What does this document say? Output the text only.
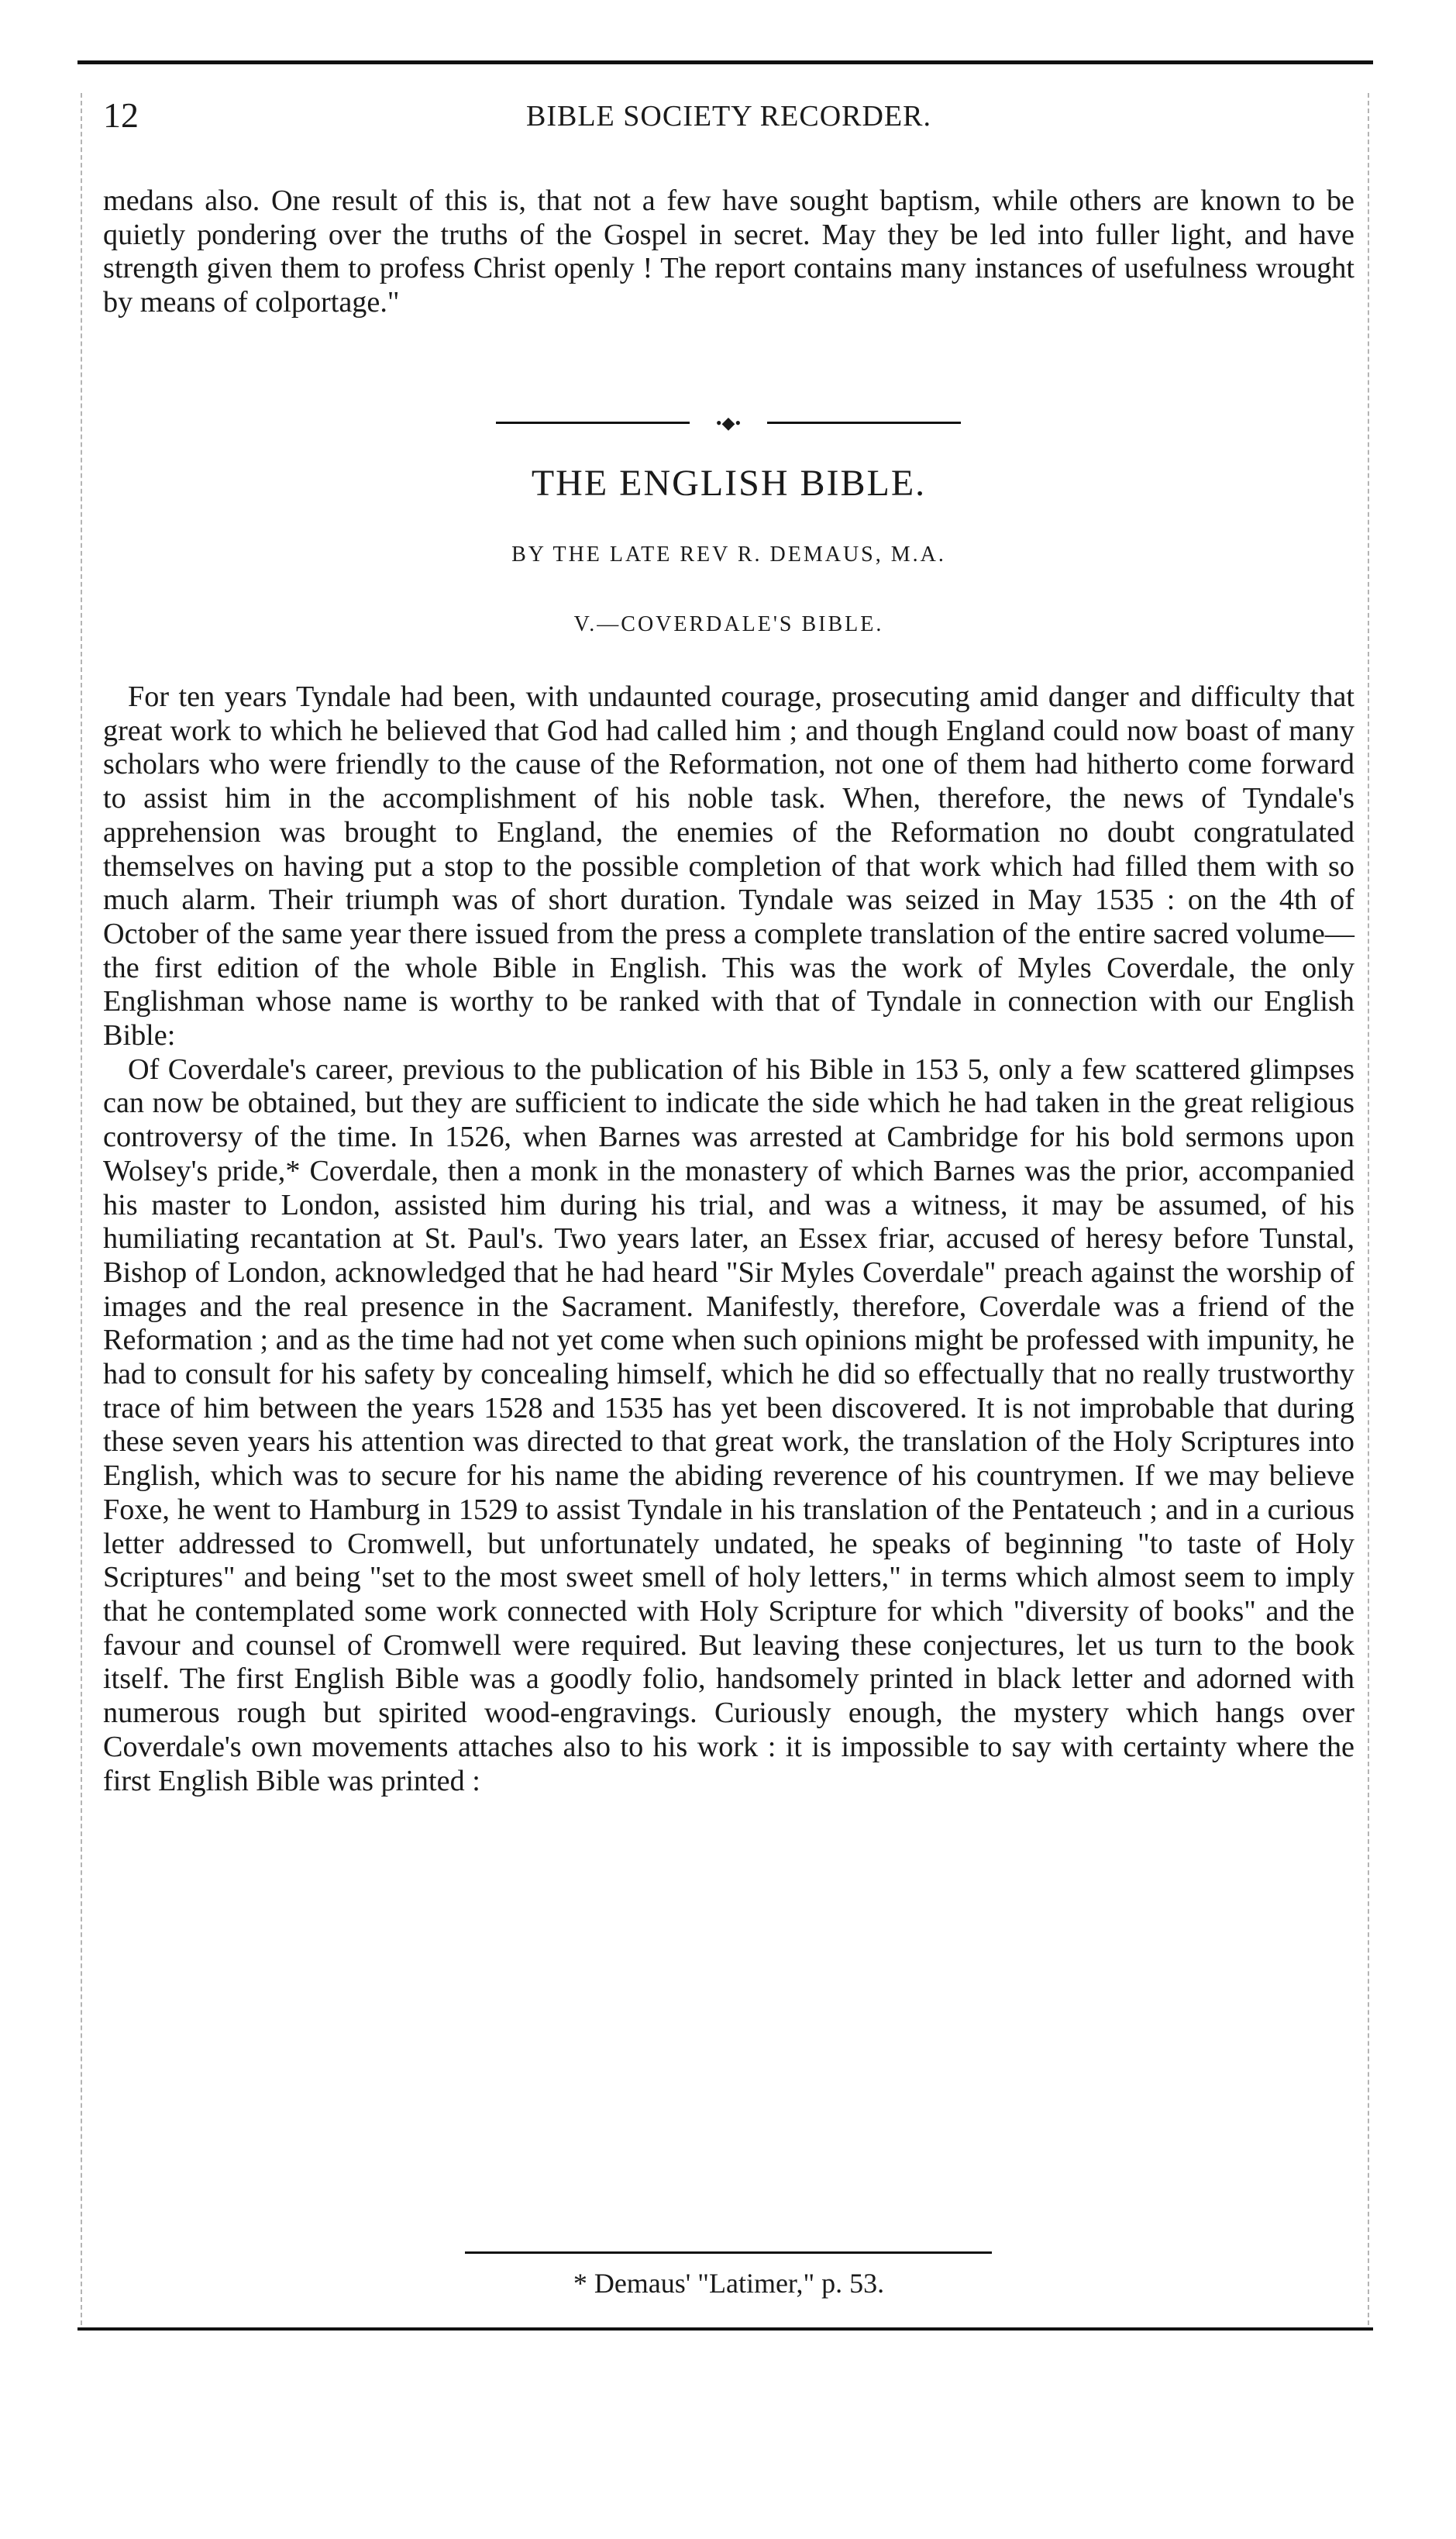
12	BIBLE SOCIETY RECORDER.

medans also. One result of this is, that not a few have sought baptism, while others are known to be quietly pondering over the truths of the Gospel in secret. May they be led into fuller light, and have strength given them to profess Christ openly ! The report contains many instances of usefulness wrought by means of colportage."

•◆•
THE ENGLISH BIBLE.
BY THE LATE REV R. DEMAUS, M.A.
V.—COVERDALE'S BIBLE.

For ten years Tyndale had been, with undaunted courage, prosecuting amid danger and difficulty that great work to which he believed that God had called him ; and though England could now boast of many scholars who were friendly to the cause of the Reformation, not one of them had hitherto come forward to assist him in the accomplishment of his noble task. When, therefore, the news of Tyndale's apprehension was brought to England, the enemies of the Reformation no doubt congratulated themselves on having put a stop to the possible completion of that work which had filled them with so much alarm. Their triumph was of short duration. Tyndale was seized in May 1535 : on the 4th of October of the same year there issued from the press a complete translation of the entire sacred volume—the first edition of the whole Bible in English. This was the work of Myles Coverdale, the only Englishman whose name is worthy to be ranked with that of Tyndale in connection with our English Bible:

Of Coverdale's career, previous to the publication of his Bible in 153 5, only a few scattered glimpses can now be obtained, but they are sufficient to indicate the side which he had taken in the great religious controversy of the time. In 1526, when Barnes was arrested at Cambridge for his bold sermons upon Wolsey's pride,* Coverdale, then a monk in the monastery of which Barnes was the prior, accompanied his master to London, assisted him during his trial, and was a witness, it may be assumed, of his humiliating recantation at St. Paul's. Two years later, an Essex friar, accused of heresy before Tunstal, Bishop of London, acknowledged that he had heard "Sir Myles Coverdale" preach against the worship of images and the real presence in the Sacrament. Manifestly, therefore, Coverdale was a friend of the Reformation ; and as the time had not yet come when such opinions might be professed with impunity, he had to consult for his safety by concealing himself, which he did so effectually that no really trustworthy trace of him between the years 1528 and 1535 has yet been discovered. It is not improbable that during these seven years his attention was directed to that great work, the translation of the Holy Scriptures into English, which was to secure for his name the abiding reverence of his countrymen. If we may believe Foxe, he went to Hamburg in 1529 to assist Tyndale in his translation of the Pentateuch ; and in a curious letter addressed to Cromwell, but unfortunately undated, he speaks of beginning "to taste of Holy Scriptures" and being "set to the most sweet smell of holy letters," in terms which almost seem to imply that he contemplated some work connected with Holy Scripture for which "diversity of books" and the favour and counsel of Cromwell were required. But leaving these conjectures, let us turn to the book itself. The first English Bible was a goodly folio, handsomely printed in black letter and adorned with numerous rough but spirited wood-engravings. Curiously enough, the mystery which hangs over Coverdale's own movements attaches also to his work : it is impossible to say with certainty where the first English Bible was printed :

* Demaus' "Latimer," p. 53.
